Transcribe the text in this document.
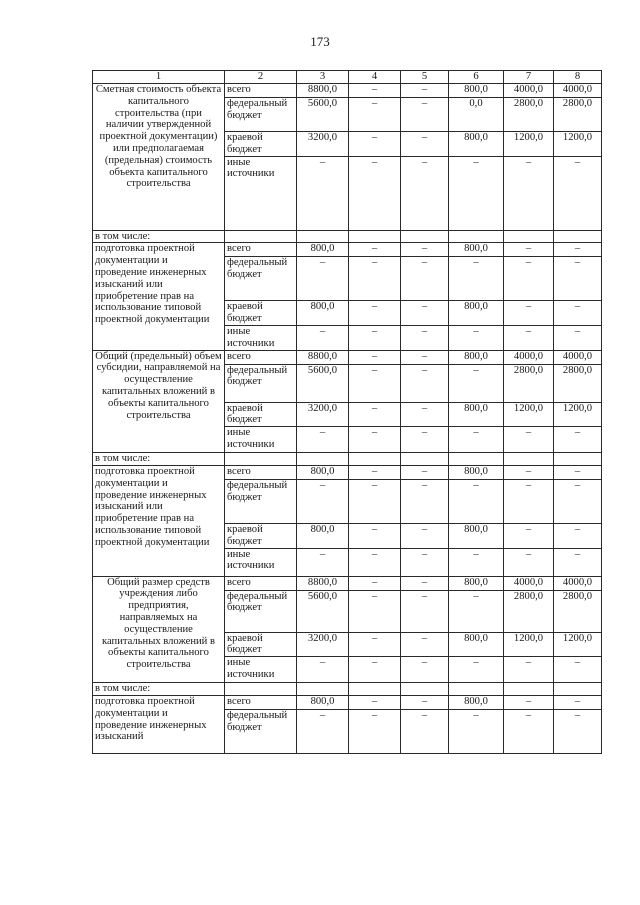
173
1	2	3	4	5	6	7	8
Сметная стоимость объекта капитального строительства (при наличии утвержденной проектной документации) или предполагаемая (предельная) стоимость объекта капитального строительства	всего	8800,0	–	–	800,0	4000,0	4000,0
	федеральный бюджет	5600,0	–	–	0,0	2800,0	2800,0
	краевой бюджет	3200,0	–	–	800,0	1200,0	1200,0
	иные источники	–	–	–	–	–	–
в том числе:							
подготовка проектной документации и проведение инженерных изысканий или приобретение прав на использование типовой проектной документации	всего	800,0	–	–	800,0	–	–
	федеральный бюджет	–	–	–	–	–	–
	краевой бюджет	800,0	–	–	800,0	–	–
	иные источники	–	–	–	–	–	–
Общий (предельный) объем субсидии, направляемой на осуществление капитальных вложений в объекты капитального строительства	всего	8800,0	–	–	800,0	4000,0	4000,0
	федеральный бюджет	5600,0	–	–	–	2800,0	2800,0
	краевой бюджет	3200,0	–	–	800,0	1200,0	1200,0
	иные источники	–	–	–	–	–	–
в том числе:							
подготовка проектной документации и проведение инженерных изысканий или приобретение прав на использование типовой проектной документации	всего	800,0	–	–	800,0	–	–
	федеральный бюджет	–	–	–	–	–	–
	краевой бюджет	800,0	–	–	800,0	–	–
	иные источники	–	–	–	–	–	–
Общий размер средств учреждения либо предприятия, направляемых на осуществление капитальных вложений в объекты капитального строительства	всего	8800,0	–	–	800,0	4000,0	4000,0
	федеральный бюджет	5600,0	–	–	–	2800,0	2800,0
	краевой бюджет	3200,0	–	–	800,0	1200,0	1200,0
	иные источники	–	–	–	–	–	–
в том числе:							
подготовка проектной документации и проведение инженерных изысканий	всего	800,0	–	–	800,0	–	–
	федеральный бюджет	–	–	–	–	–	–
